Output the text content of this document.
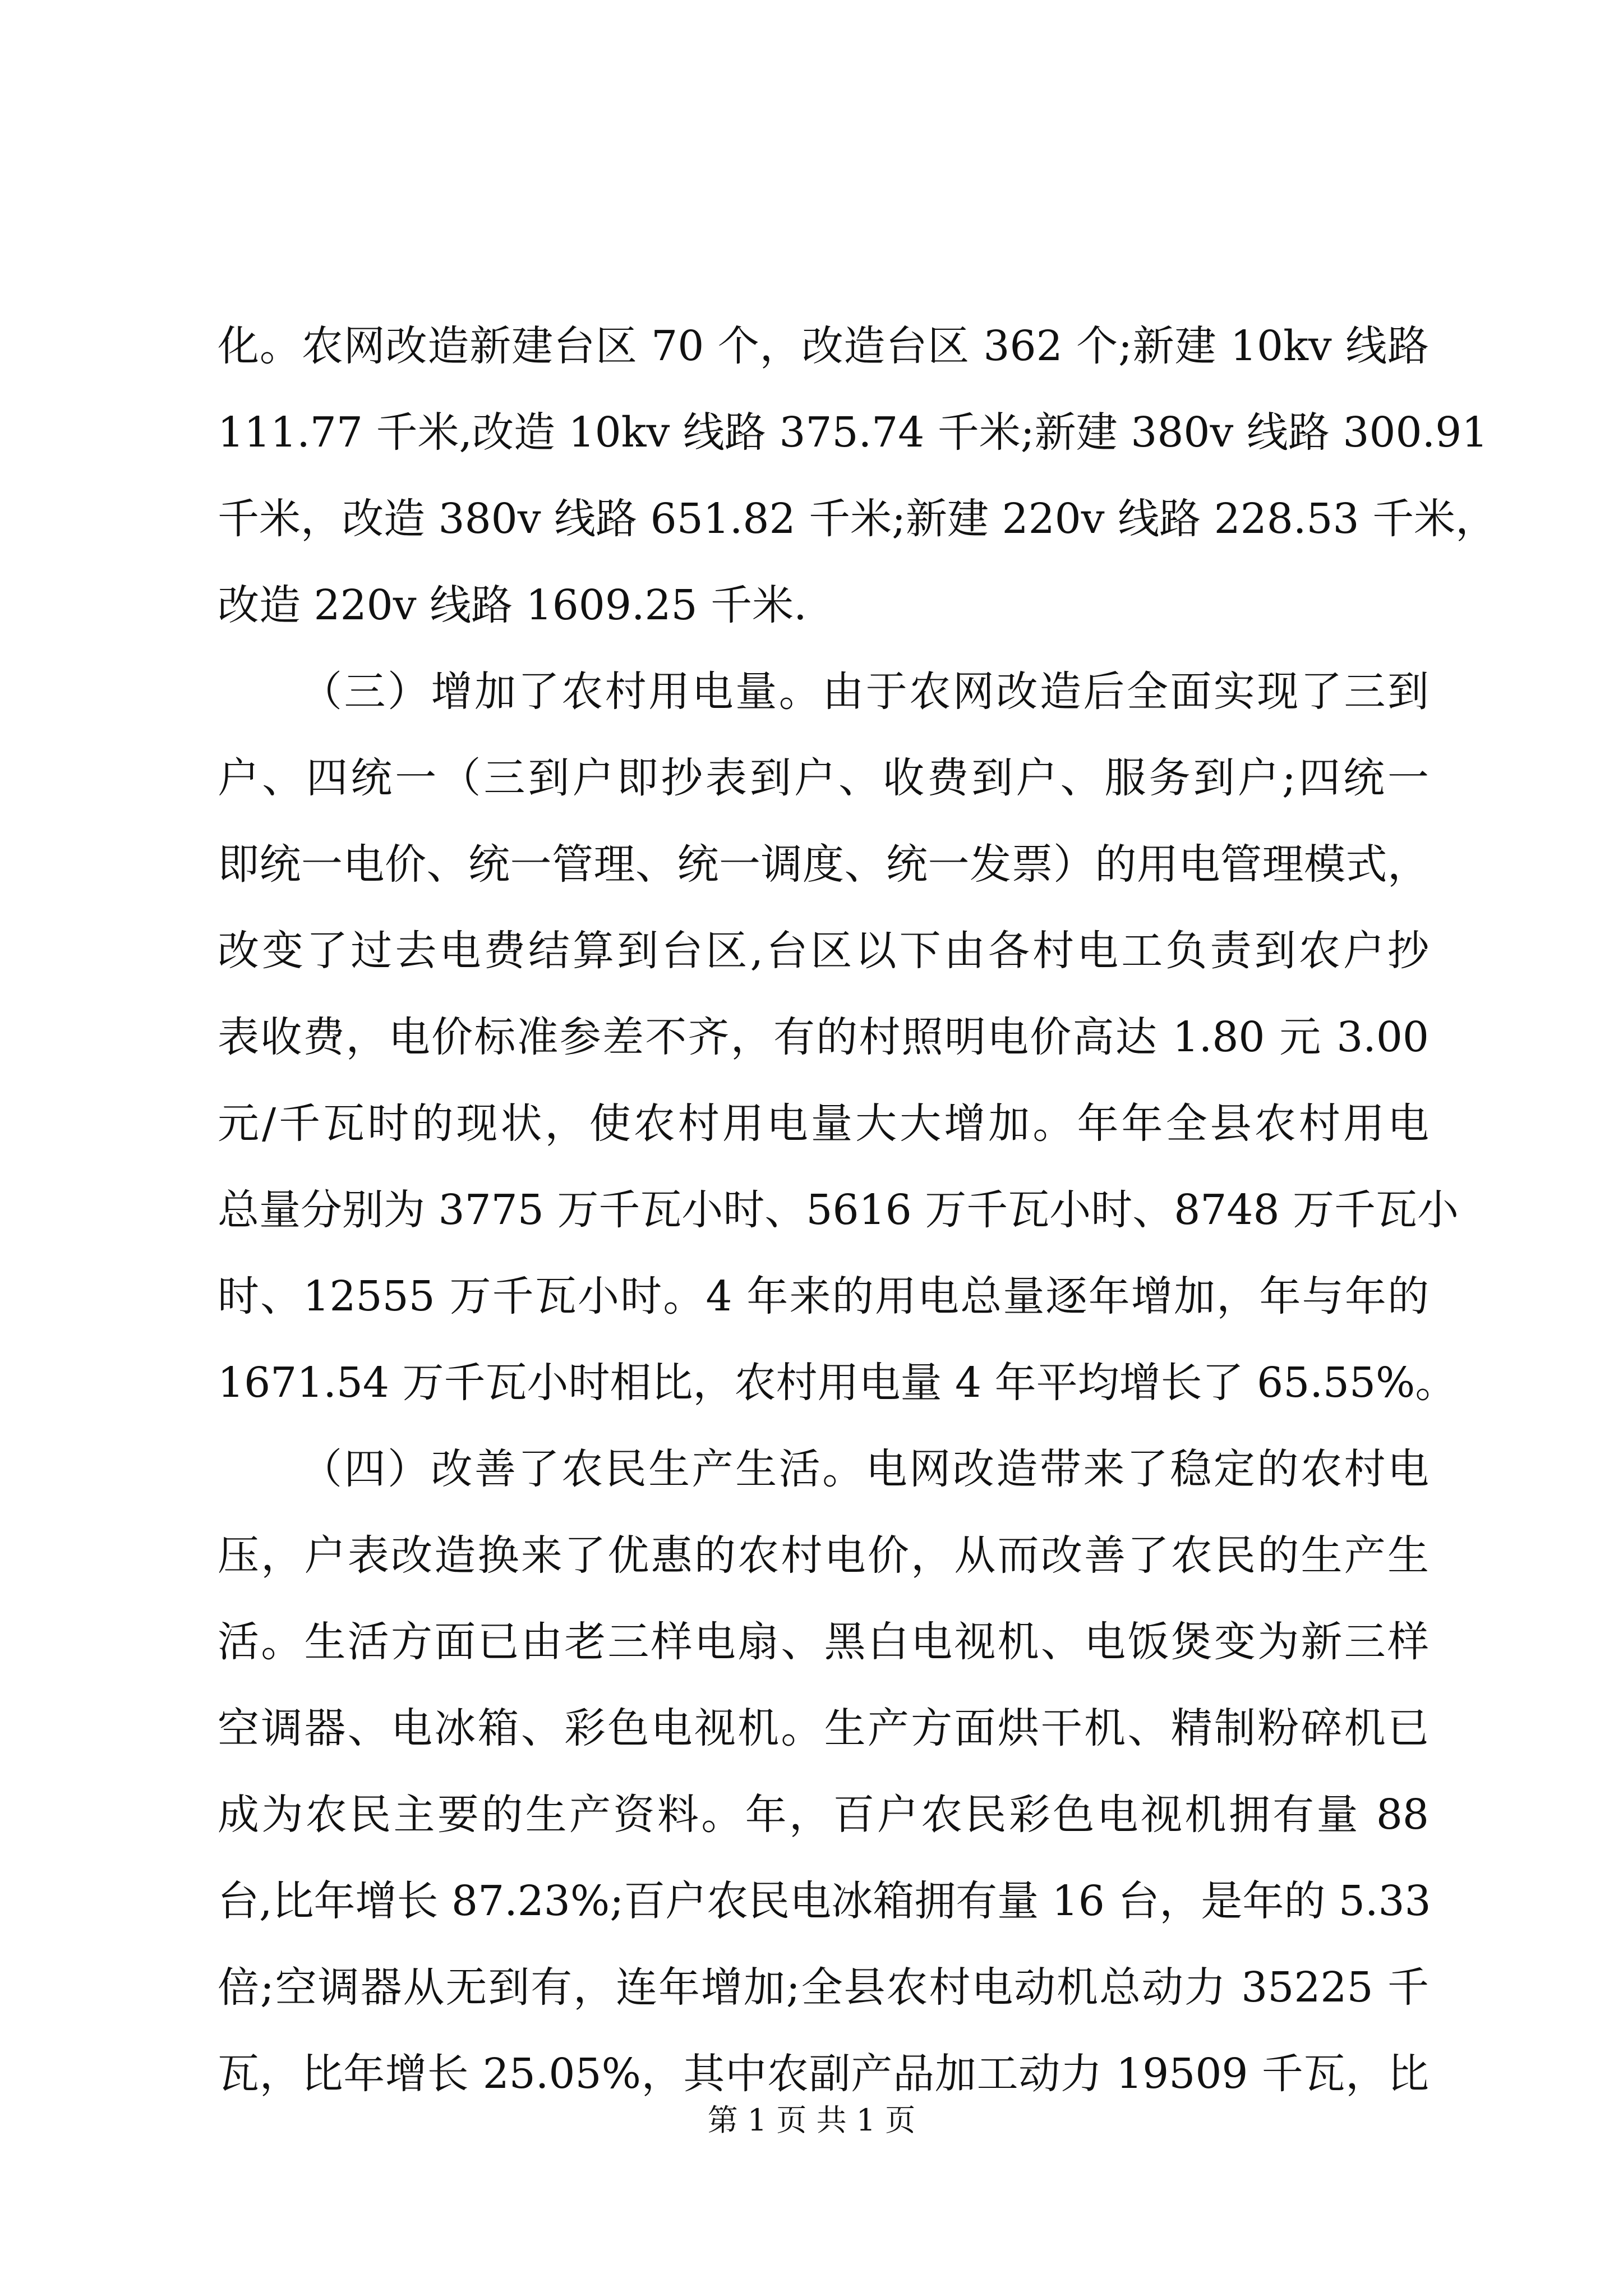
化。农网改造新建台区 70 个，改造台区 362 个;新建 10kv 线路
111.77 千米,改造 10kv 线路 375.74 千米;新建 380v 线路 300.91
千米，改造 380v 线路 651.82 千米;新建 220v 线路 228.53 千米，
改造 220v 线路 1609.25 千米.
（三）增加了农村用电量。由于农网改造后全面实现了三到
户、四统一（三到户即抄表到户、收费到户、服务到户;四统一
即统一电价、统一管理、统一调度、统一发票）的用电管理模式，
改变了过去电费结算到台区,台区以下由各村电工负责到农户抄
表收费，电价标准参差不齐，有的村照明电价高达 1.80 元 3.00
元/千瓦时的现状，使农村用电量大大增加。年年全县农村用电
总量分别为 3775 万千瓦小时、5616 万千瓦小时、8748 万千瓦小
时、12555 万千瓦小时。4 年来的用电总量逐年增加，年与年的
1671.54 万千瓦小时相比，农村用电量 4 年平均增长了 65.55%。
（四）改善了农民生产生活。电网改造带来了稳定的农村电
压，户表改造换来了优惠的农村电价，从而改善了农民的生产生
活。生活方面已由老三样电扇、黑白电视机、电饭煲变为新三样
空调器、电冰箱、彩色电视机。生产方面烘干机、精制粉碎机已
成为农民主要的生产资料。年，百户农民彩色电视机拥有量 88
台,比年增长 87.23%;百户农民电冰箱拥有量 16 台，是年的 5.33
倍;空调器从无到有，连年增加;全县农村电动机总动力 35225 千
瓦，比年增长 25.05%，其中农副产品加工动力 19509 千瓦，比
第 1 页 共 1 页
